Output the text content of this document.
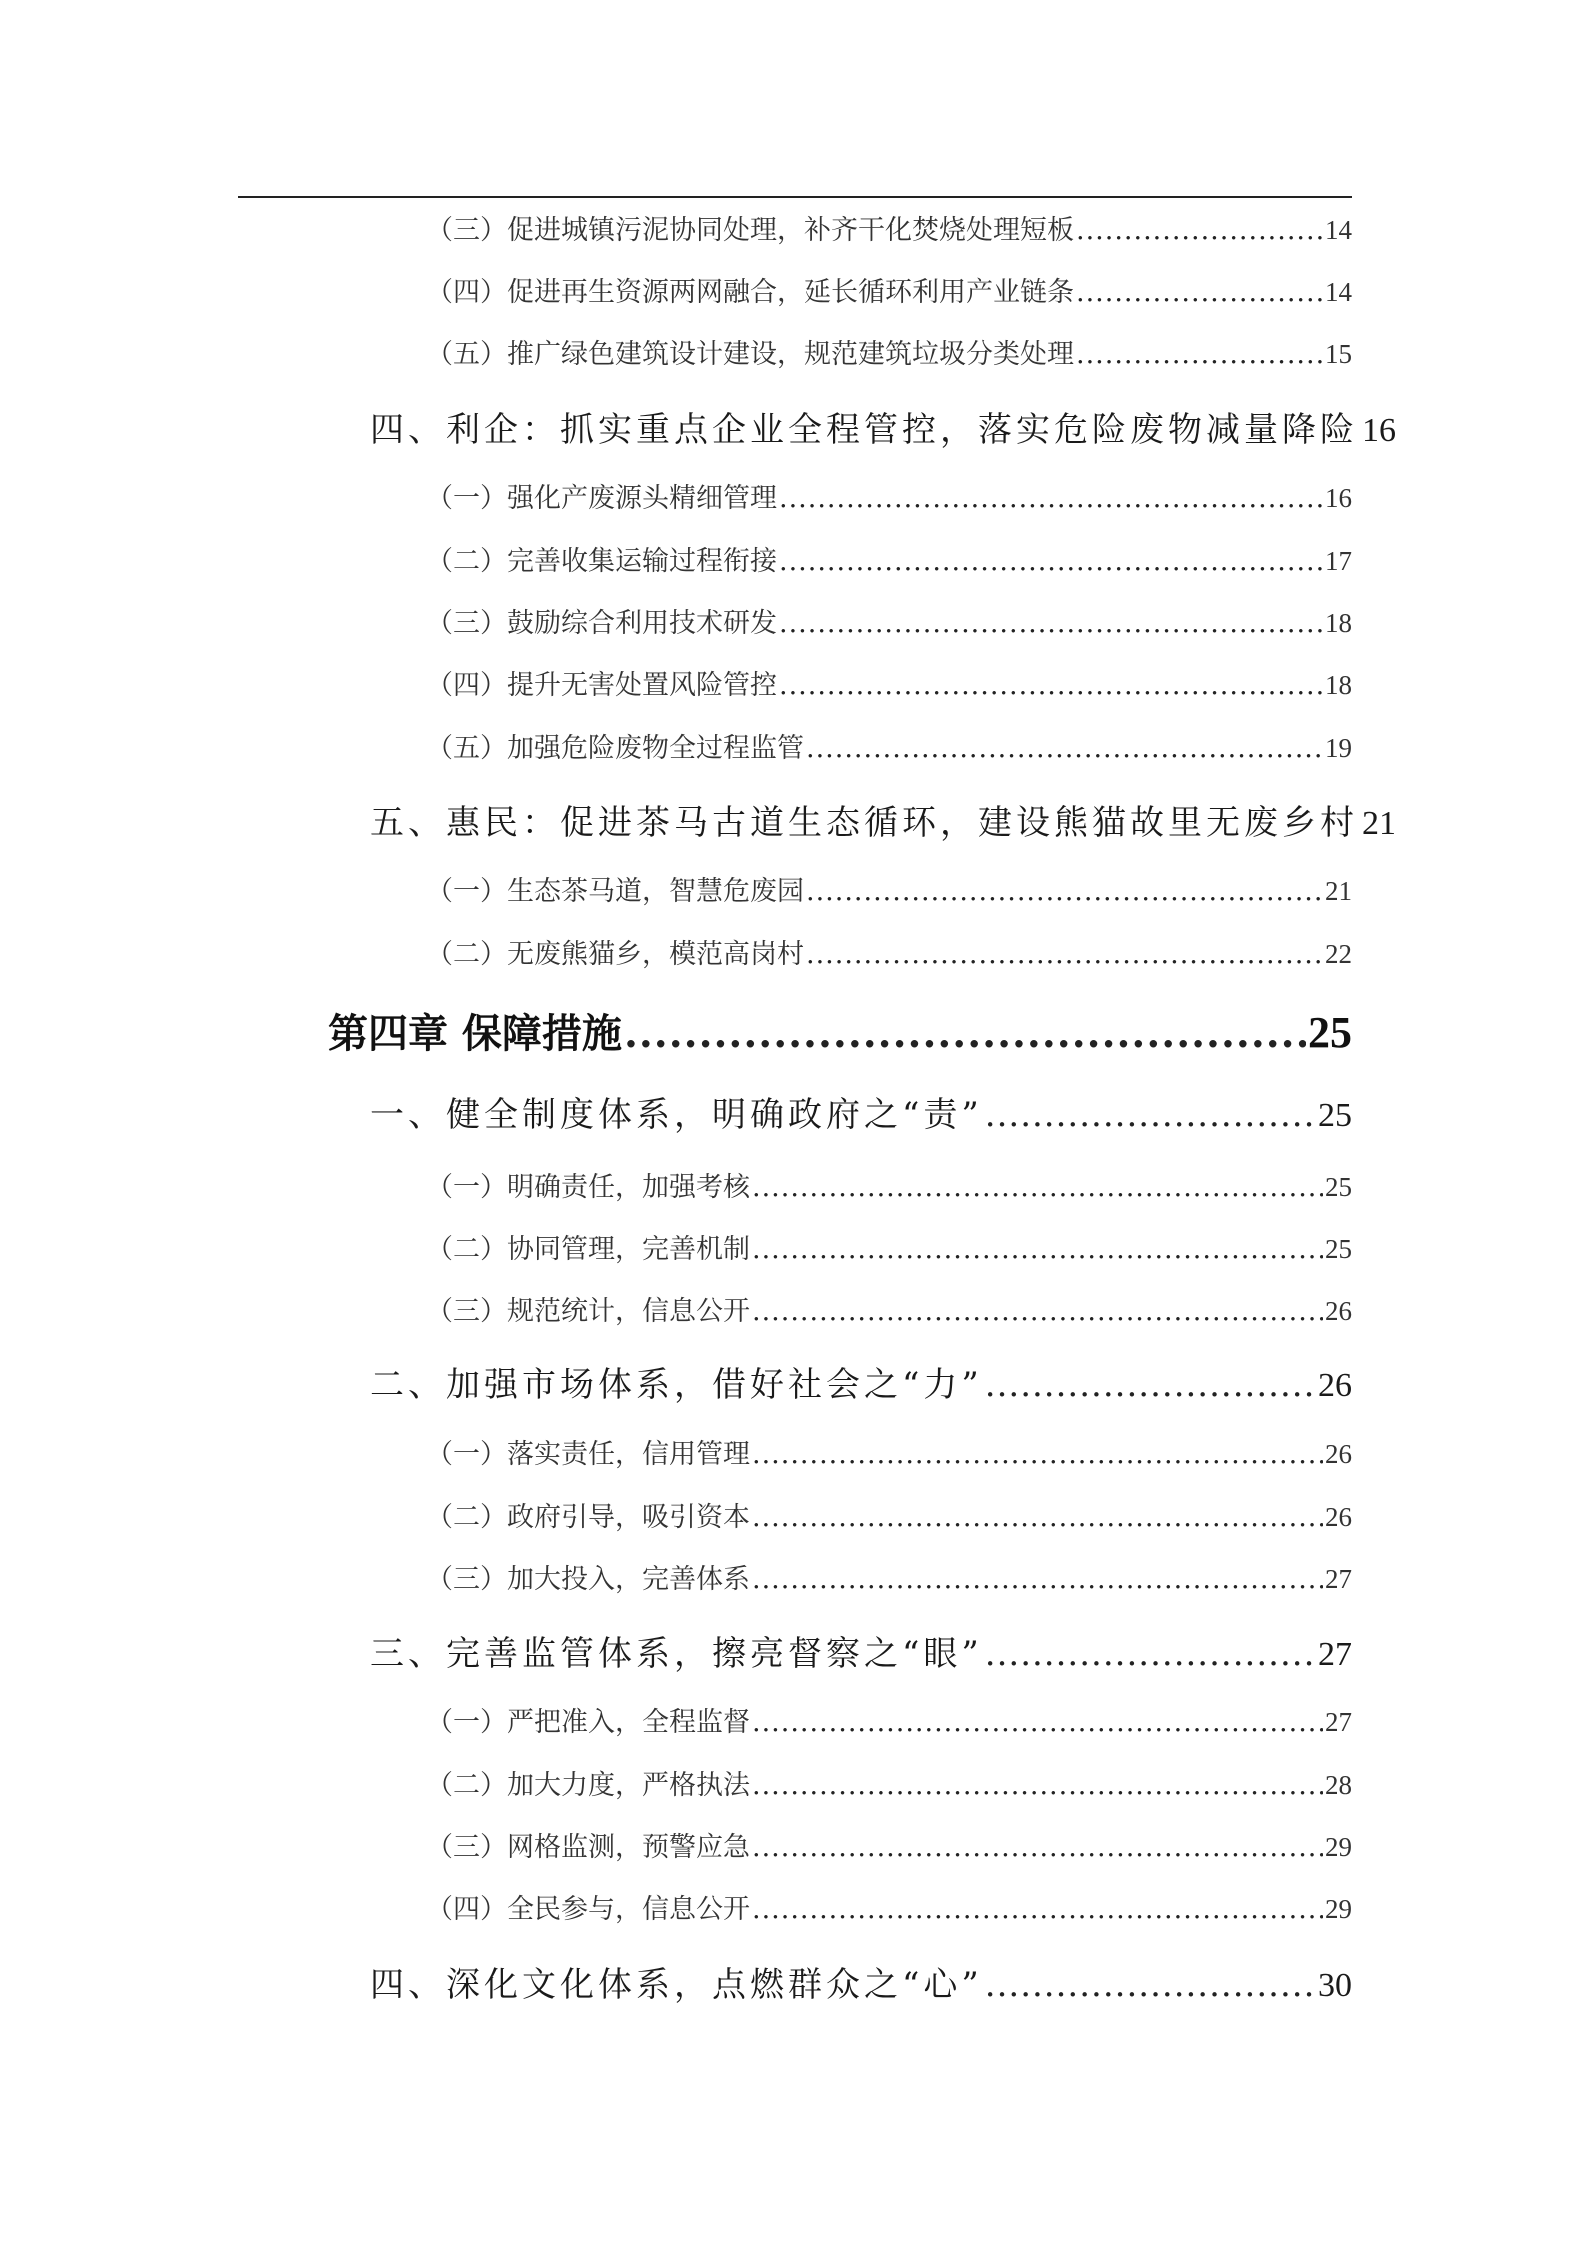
（三）促进城镇污泥协同处理，补齐干化焚烧处理短板 .....	14
（四）促进再生资源两网融合，延长循环利用产业链条 .....	14
（五）推广绿色建筑设计建设，规范建筑垃圾分类处理 .....	15
四、利企：抓实重点企业全程管控，落实危险废物减量降险 16
（一）强化产废源头精细管理 .....	16
（二）完善收集运输过程衔接 .....	17
（三）鼓励综合利用技术研发 .....	18
（四）提升无害处置风险管控 .....	18
（五）加强危险废物全过程监管 .....	19
五、惠民：促进茶马古道生态循环，建设熊猫故里无废乡村 21
（一）生态茶马道，智慧危废园 .....	21
（二）无废熊猫乡，模范高岗村 .....	22
第四章 保障措施 .....	25
一、健全制度体系，明确政府之“责” .....	25
（一）明确责任，加强考核 .....	25
（二）协同管理，完善机制 .....	25
（三）规范统计，信息公开 .....	26
二、加强市场体系，借好社会之“力” .....	26
（一）落实责任，信用管理 .....	26
（二）政府引导，吸引资本 .....	26
（三）加大投入，完善体系 .....	27
三、完善监管体系，擦亮督察之“眼” .....	27
（一）严把准入，全程监督 .....	27
（二）加大力度，严格执法 .....	28
（三）网格监测，预警应急 .....	29
（四）全民参与，信息公开 .....	29
四、深化文化体系，点燃群众之“心” .....	30
